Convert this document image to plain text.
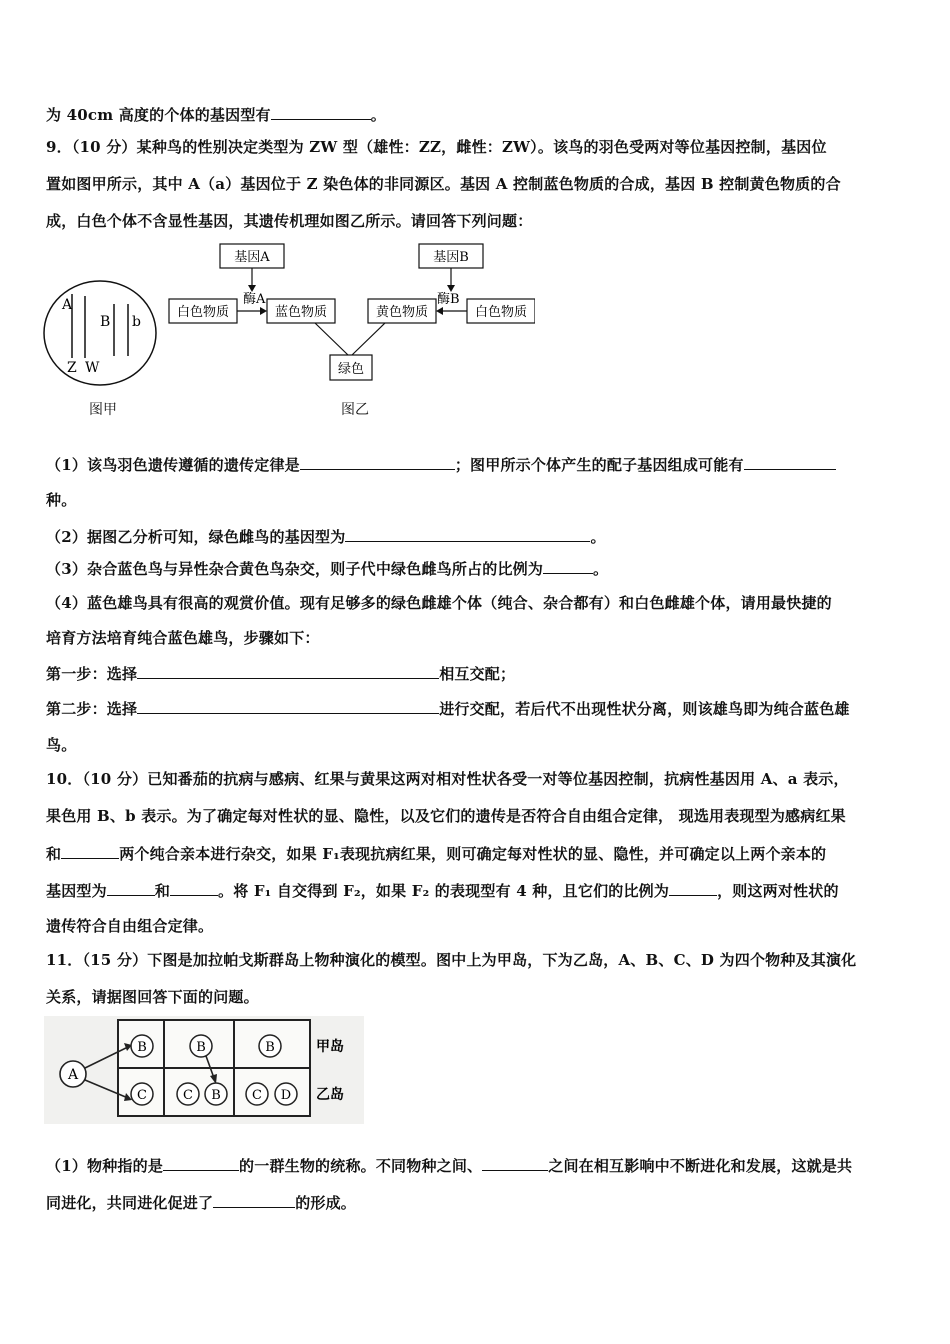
为 40cm 高度的个体的基因型有	。
9．（10 分）某种鸟的性别决定类型为 ZW 型（雄性：ZZ，雌性：ZW）。该鸟的羽色受两对等位基因控制，基因位
置如图甲所示，其中 A（a）基因位于 Z 染色体的非同源区。基因 A 控制蓝色物质的合成，基因 B 控制黄色物质的合
成，白色个体不含显性基因，其遗传机理如图乙所示。请回答下列问题：
A
B b
Z W
图甲
基因A	基因B
酶A	酶B
白色物质	蓝色物质	黄色物质	白色物质
绿色
图乙
（1）该鸟羽色遗传遵循的遗传定律是	；图甲所示个体产生的配子基因组成可能有
种。
（2）据图乙分析可知，绿色雌鸟的基因型为	。
（3）杂合蓝色鸟与异性杂合黄色鸟杂交，则子代中绿色雌鸟所占的比例为	。
（4）蓝色雄鸟具有很高的观赏价值。现有足够多的绿色雌雄个体（纯合、杂合都有）和白色雌雄个体，请用最快捷的
培育方法培育纯合蓝色雄鸟，步骤如下：
第一步：选择	相互交配；
第二步：选择	进行交配，若后代不出现性状分离，则该雄鸟即为纯合蓝色雄
鸟。
10．（10 分）已知番茄的抗病与感病、红果与黄果这两对相对性状各受一对等位基因控制，抗病性基因用 A、a 表示，
果色用 B、b 表示。为了确定每对性状的显、隐性，以及它们的遗传是否符合自由组合定律， 现选用表现型为感病红果
和	两个纯合亲本进行杂交，如果 F₁表现抗病红果，则可确定每对性状的显、隐性，并可确定以上两个亲本的
基因型为	和	。将 F₁ 自交得到 F₂，如果 F₂ 的表现型有 4 种，且它们的比例为	，则这两对性状的
遗传符合自由组合定律。
11．（15 分）下图是加拉帕戈斯群岛上物种演化的模型。图中上为甲岛，下为乙岛，A、B、C、D 为四个物种及其演化
关系，请据图回答下面的问题。
A
B	B	B
C	C B C D
甲岛
乙岛
（1）物种指的是	的一群生物的统称。不同物种之间、	之间在相互影响中不断进化和发展，这就是共
同进化，共同进化促进了	的形成。
